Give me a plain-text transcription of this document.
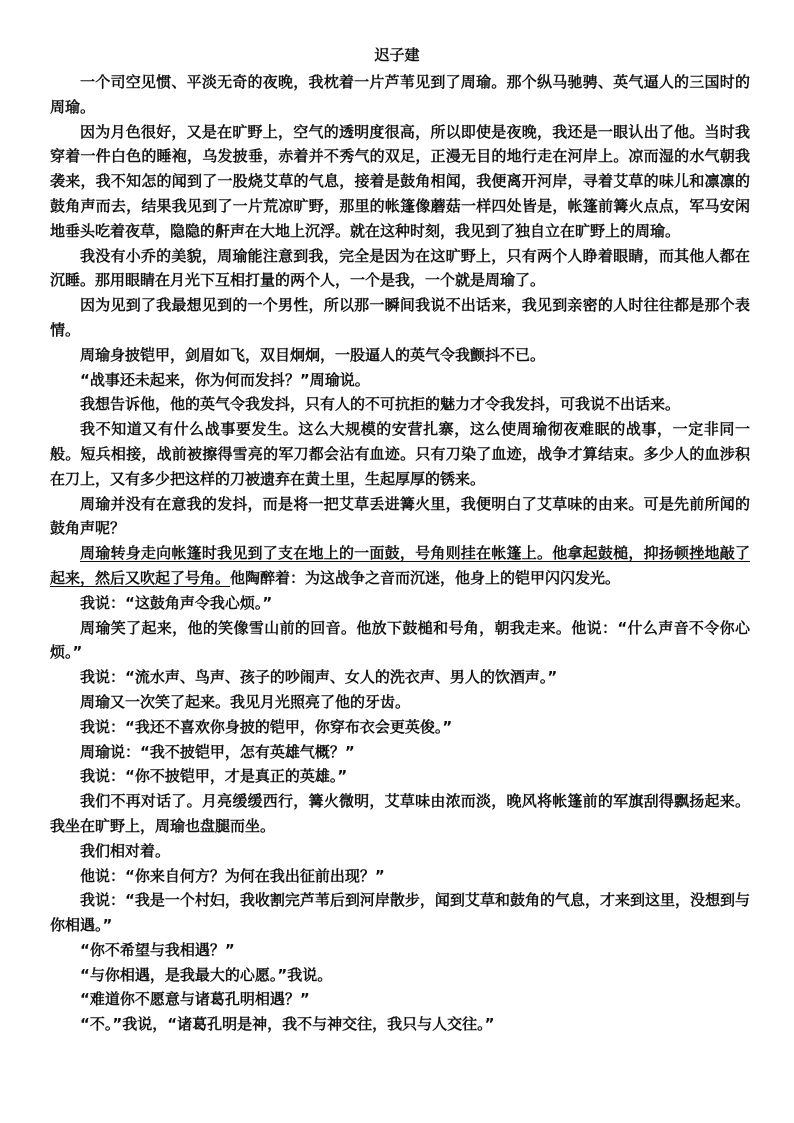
迟子建

一个司空见惯、平淡无奇的夜晚，我枕着一片芦苇见到了周瑜。那个纵马驰骋、英气逼人的三国时的周瑜。

因为月色很好，又是在旷野上，空气的透明度很高，所以即使是夜晚，我还是一眼认出了他。当时我穿着一件白色的睡袍，乌发披垂，赤着并不秀气的双足，正漫无目的地行走在河岸上。凉而湿的水气朝我袭来，我不知怎的闻到了一股烧艾草的气息，接着是鼓角相闻，我便离开河岸，寻着艾草的味儿和凛凛的鼓角声而去，结果我见到了一片荒凉旷野，那里的帐篷像蘑菇一样四处皆是，帐篷前篝火点点，军马安闲地垂头吃着夜草，隐隐的鼾声在大地上沉浮。就在这种时刻，我见到了独自立在旷野上的周瑜。

我没有小乔的美貌，周瑜能注意到我，完全是因为在这旷野上，只有两个人睁着眼睛，而其他人都在沉睡。那用眼睛在月光下互相打量的两个人，一个是我，一个就是周瑜了。

因为见到了我最想见到的一个男性，所以那一瞬间我说不出话来，我见到亲密的人时往往都是那个表情。

周瑜身披铠甲，剑眉如飞，双目炯炯，一股逼人的英气令我颤抖不已。

“战事还未起来，你为何而发抖？”周瑜说。

我想告诉他，他的英气令我发抖，只有人的不可抗拒的魅力才令我发抖，可我说不出话来。

我不知道又有什么战事要发生。这么大规模的安营扎寨，这么使周瑜彻夜难眠的战事，一定非同一般。短兵相接，战前被擦得雪亮的军刀都会沾有血迹。只有刀染了血迹，战争才算结束。多少人的血涉积在刀上，又有多少把这样的刀被遗弃在黄土里，生起厚厚的锈来。

周瑜并没有在意我的发抖，而是将一把艾草丢进篝火里，我便明白了艾草味的由来。可是先前所闻的鼓角声呢？

周瑜转身走向帐篷时我见到了支在地上的一面鼓，号角则挂在帐篷上。他拿起鼓槌，抑扬顿挫地敲了起来，然后又吹起了号角。他陶醉着：为这战争之音而沉迷，他身上的铠甲闪闪发光。

我说：“这鼓角声令我心烦。”

周瑜笑了起来，他的笑像雪山前的回音。他放下鼓槌和号角，朝我走来。他说：“什么声音不令你心烦。”

我说：“流水声、鸟声、孩子的吵闹声、女人的洗衣声、男人的饮酒声。”

周瑜又一次笑了起来。我见月光照亮了他的牙齿。

我说：“我还不喜欢你身披的铠甲，你穿布衣会更英俊。”

周瑜说：“我不披铠甲，怎有英雄气概？”

我说：“你不披铠甲，才是真正的英雄。”

我们不再对话了。月亮缓缓西行，篝火微明，艾草味由浓而淡，晚风将帐篷前的军旗刮得飘扬起来。我坐在旷野上，周瑜也盘腿而坐。

我们相对着。

他说：“你来自何方？为何在我出征前出现？”

我说：“我是一个村妇，我收割完芦苇后到河岸散步，闻到艾草和鼓角的气息，才来到这里，没想到与你相遇。”

“你不希望与我相遇？”

“与你相遇，是我最大的心愿。”我说。

“难道你不愿意与诸葛孔明相遇？”

“不。”我说，“诸葛孔明是神，我不与神交往，我只与人交往。”
